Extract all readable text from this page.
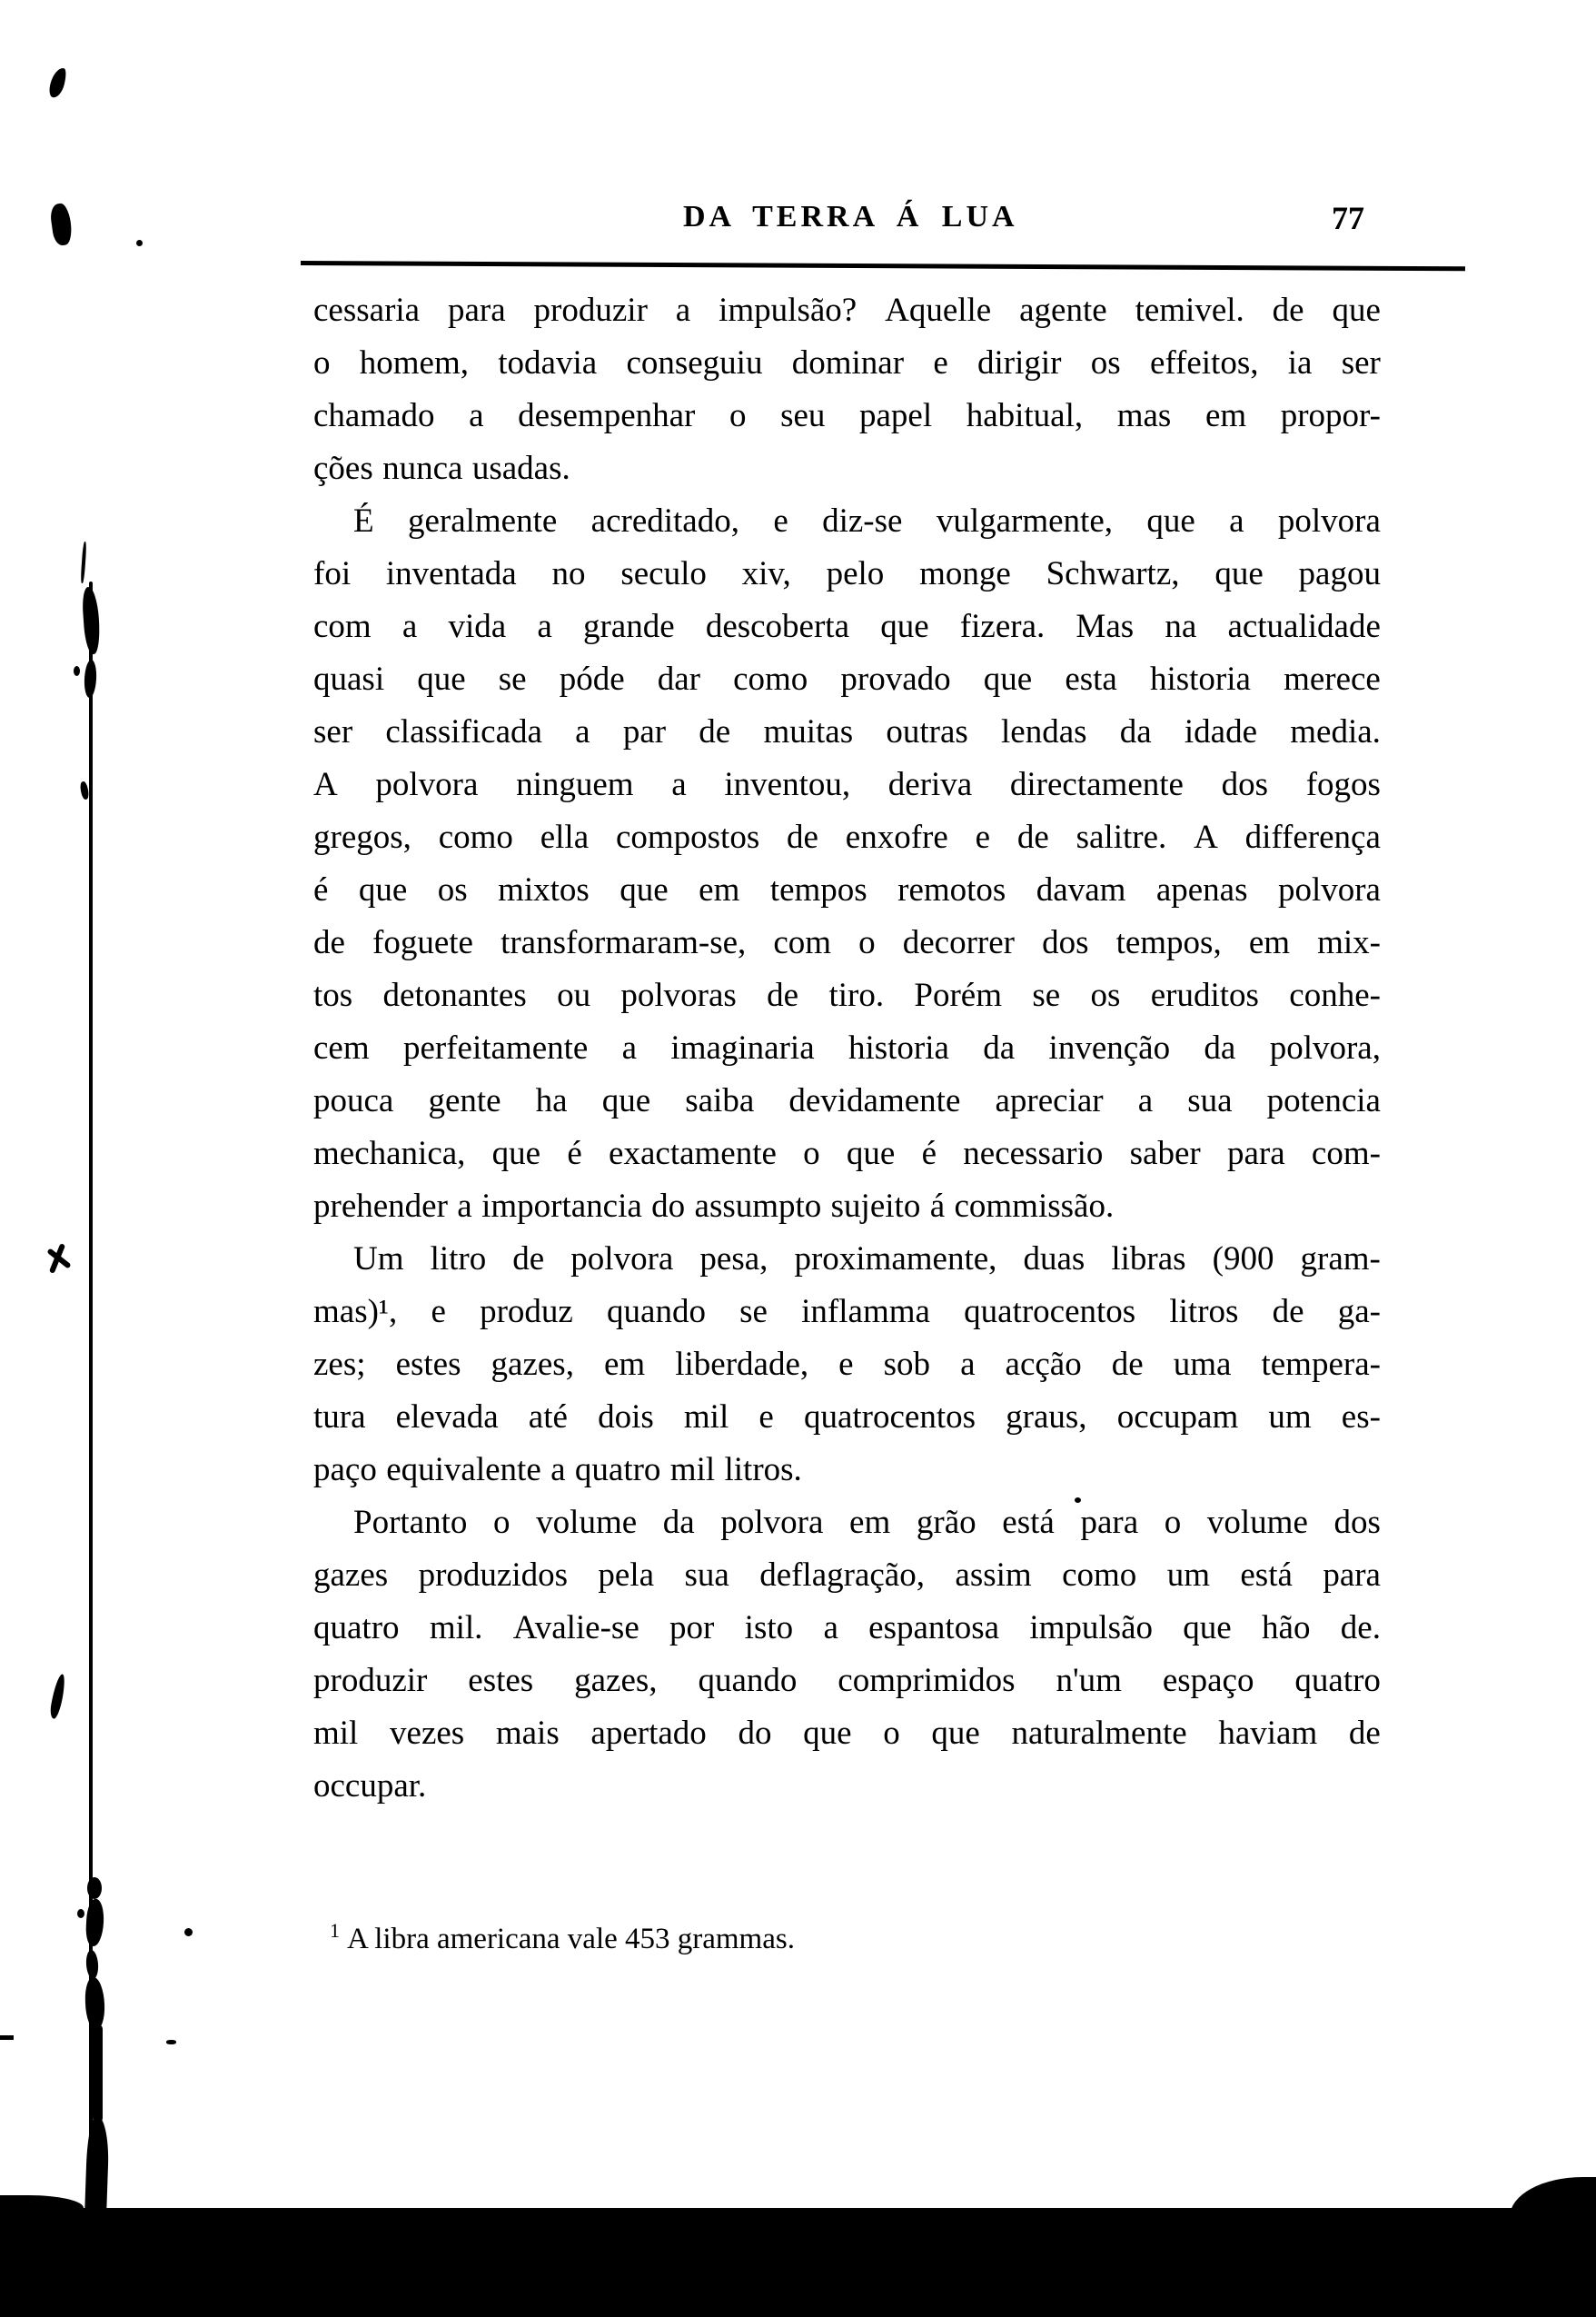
DA TERRA Á LUA	77
cessaria para produzir a impulsão? Aquelle agente temivel. de que
o homem, todavia conseguiu dominar e dirigir os effeitos, ia ser
chamado a desempenhar o seu papel habitual, mas em propor-
ções nunca usadas.
É geralmente acreditado, e diz-se vulgarmente, que a polvora
foi inventada no seculo xiv, pelo monge Schwartz, que pagou
com a vida a grande descoberta que fizera. Mas na actualidade
quasi que se póde dar como provado que esta historia merece
ser classificada a par de muitas outras lendas da idade media.
A polvora ninguem a inventou, deriva directamente dos fogos
gregos, como ella compostos de enxofre e de salitre. A differença
é que os mixtos que em tempos remotos davam apenas polvora
de foguete transformaram-se, com o decorrer dos tempos, em mix-
tos detonantes ou polvoras de tiro. Porém se os eruditos conhe-
cem perfeitamente a imaginaria historia da invenção da polvora,
pouca gente ha que saiba devidamente apreciar a sua potencia
mechanica, que é exactamente o que é necessario saber para com-
prehender a importancia do assumpto sujeito á commissão.
Um litro de polvora pesa, proximamente, duas libras (900 gram-
mas)¹, e produz quando se inflamma quatrocentos litros de ga-
zes; estes gazes, em liberdade, e sob a acção de uma tempera-
tura elevada até dois mil e quatrocentos graus, occupam um es-
paço equivalente a quatro mil litros.
Portanto o volume da polvora em grão está para o volume dos
gazes produzidos pela sua deflagração, assim como um está para
quatro mil. Avalie-se por isto a espantosa impulsão que hão de.
produzir estes gazes, quando comprimidos n'um espaço quatro
mil vezes mais apertado do que o que naturalmente haviam de
occupar.
$^1$ A libra americana vale 453 grammas.
